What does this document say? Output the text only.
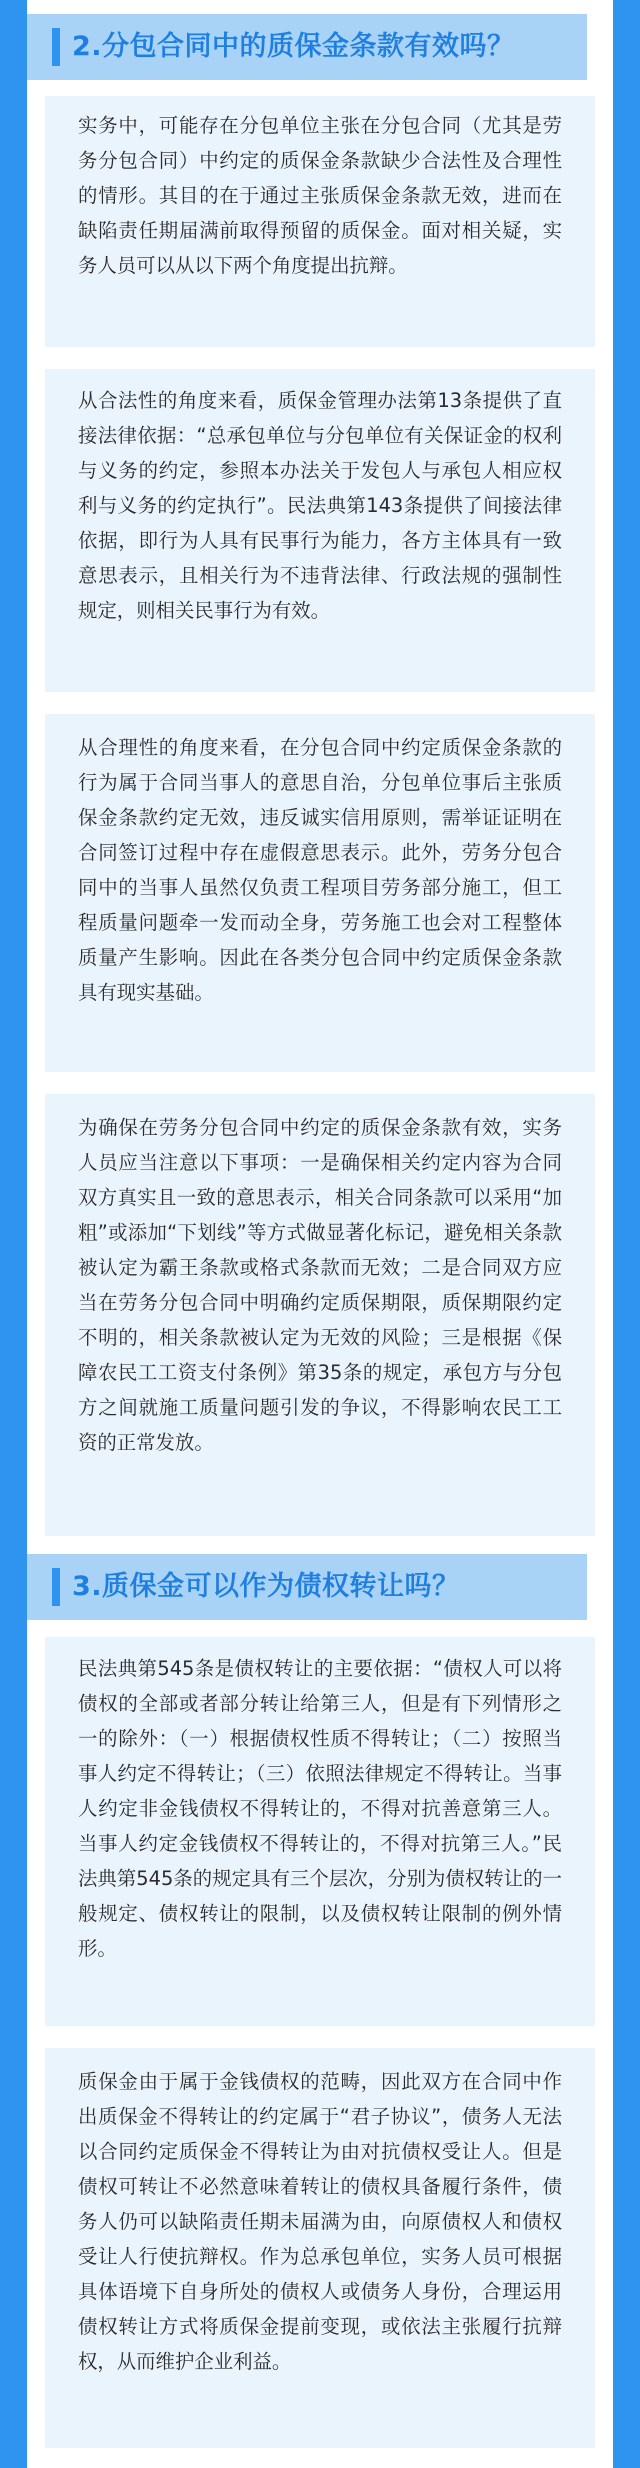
2.分包合同中的质保金条款有效吗？

实务中，可能存在分包单位主张在分包合同（尤其是劳务分包合同）中约定的质保金条款缺少合法性及合理性的情形。其目的在于通过主张质保金条款无效，进而在缺陷责任期届满前取得预留的质保金。面对相关疑，实务人员可以从以下两个角度提出抗辩。

从合法性的角度来看，质保金管理办法第13条提供了直接法律依据：“总承包单位与分包单位有关保证金的权利与义务的约定，参照本办法关于发包人与承包人相应权利与义务的约定执行”。民法典第143条提供了间接法律依据，即行为人具有民事行为能力，各方主体具有一致意思表示，且相关行为不违背法律、行政法规的强制性规定，则相关民事行为有效。

从合理性的角度来看，在分包合同中约定质保金条款的行为属于合同当事人的意思自治，分包单位事后主张质保金条款约定无效，违反诚实信用原则，需举证证明在合同签订过程中存在虚假意思表示。此外，劳务分包合同中的当事人虽然仅负责工程项目劳务部分施工，但工程质量问题牵一发而动全身，劳务施工也会对工程整体质量产生影响。因此在各类分包合同中约定质保金条款具有现实基础。

为确保在劳务分包合同中约定的质保金条款有效，实务人员应当注意以下事项：一是确保相关约定内容为合同双方真实且一致的意思表示，相关合同条款可以采用“加粗”或添加“下划线”等方式做显著化标记，避免相关条款被认定为霸王条款或格式条款而无效；二是合同双方应当在劳务分包合同中明确约定质保期限，质保期限约定不明的，相关条款被认定为无效的风险；三是根据《保障农民工工资支付条例》第35条的规定，承包方与分包方之间就施工质量问题引发的争议，不得影响农民工工资的正常发放。

3.质保金可以作为债权转让吗？

民法典第545条是债权转让的主要依据：“债权人可以将债权的全部或者部分转让给第三人，但是有下列情形之一的除外：（一）根据债权性质不得转让；（二）按照当事人约定不得转让；（三）依照法律规定不得转让。当事人约定非金钱债权不得转让的，不得对抗善意第三人。当事人约定金钱债权不得转让的，不得对抗第三人。”民法典第545条的规定具有三个层次，分别为债权转让的一般规定、债权转让的限制，以及债权转让限制的例外情形。

质保金由于属于金钱债权的范畴，因此双方在合同中作出质保金不得转让的约定属于“君子协议”，债务人无法以合同约定质保金不得转让为由对抗债权受让人。但是债权可转让不必然意味着转让的债权具备履行条件，债务人仍可以缺陷责任期未届满为由，向原债权人和债权受让人行使抗辩权。作为总承包单位，实务人员可根据具体语境下自身所处的债权人或债务人身份，合理运用债权转让方式将质保金提前变现，或依法主张履行抗辩权，从而维护企业利益。
